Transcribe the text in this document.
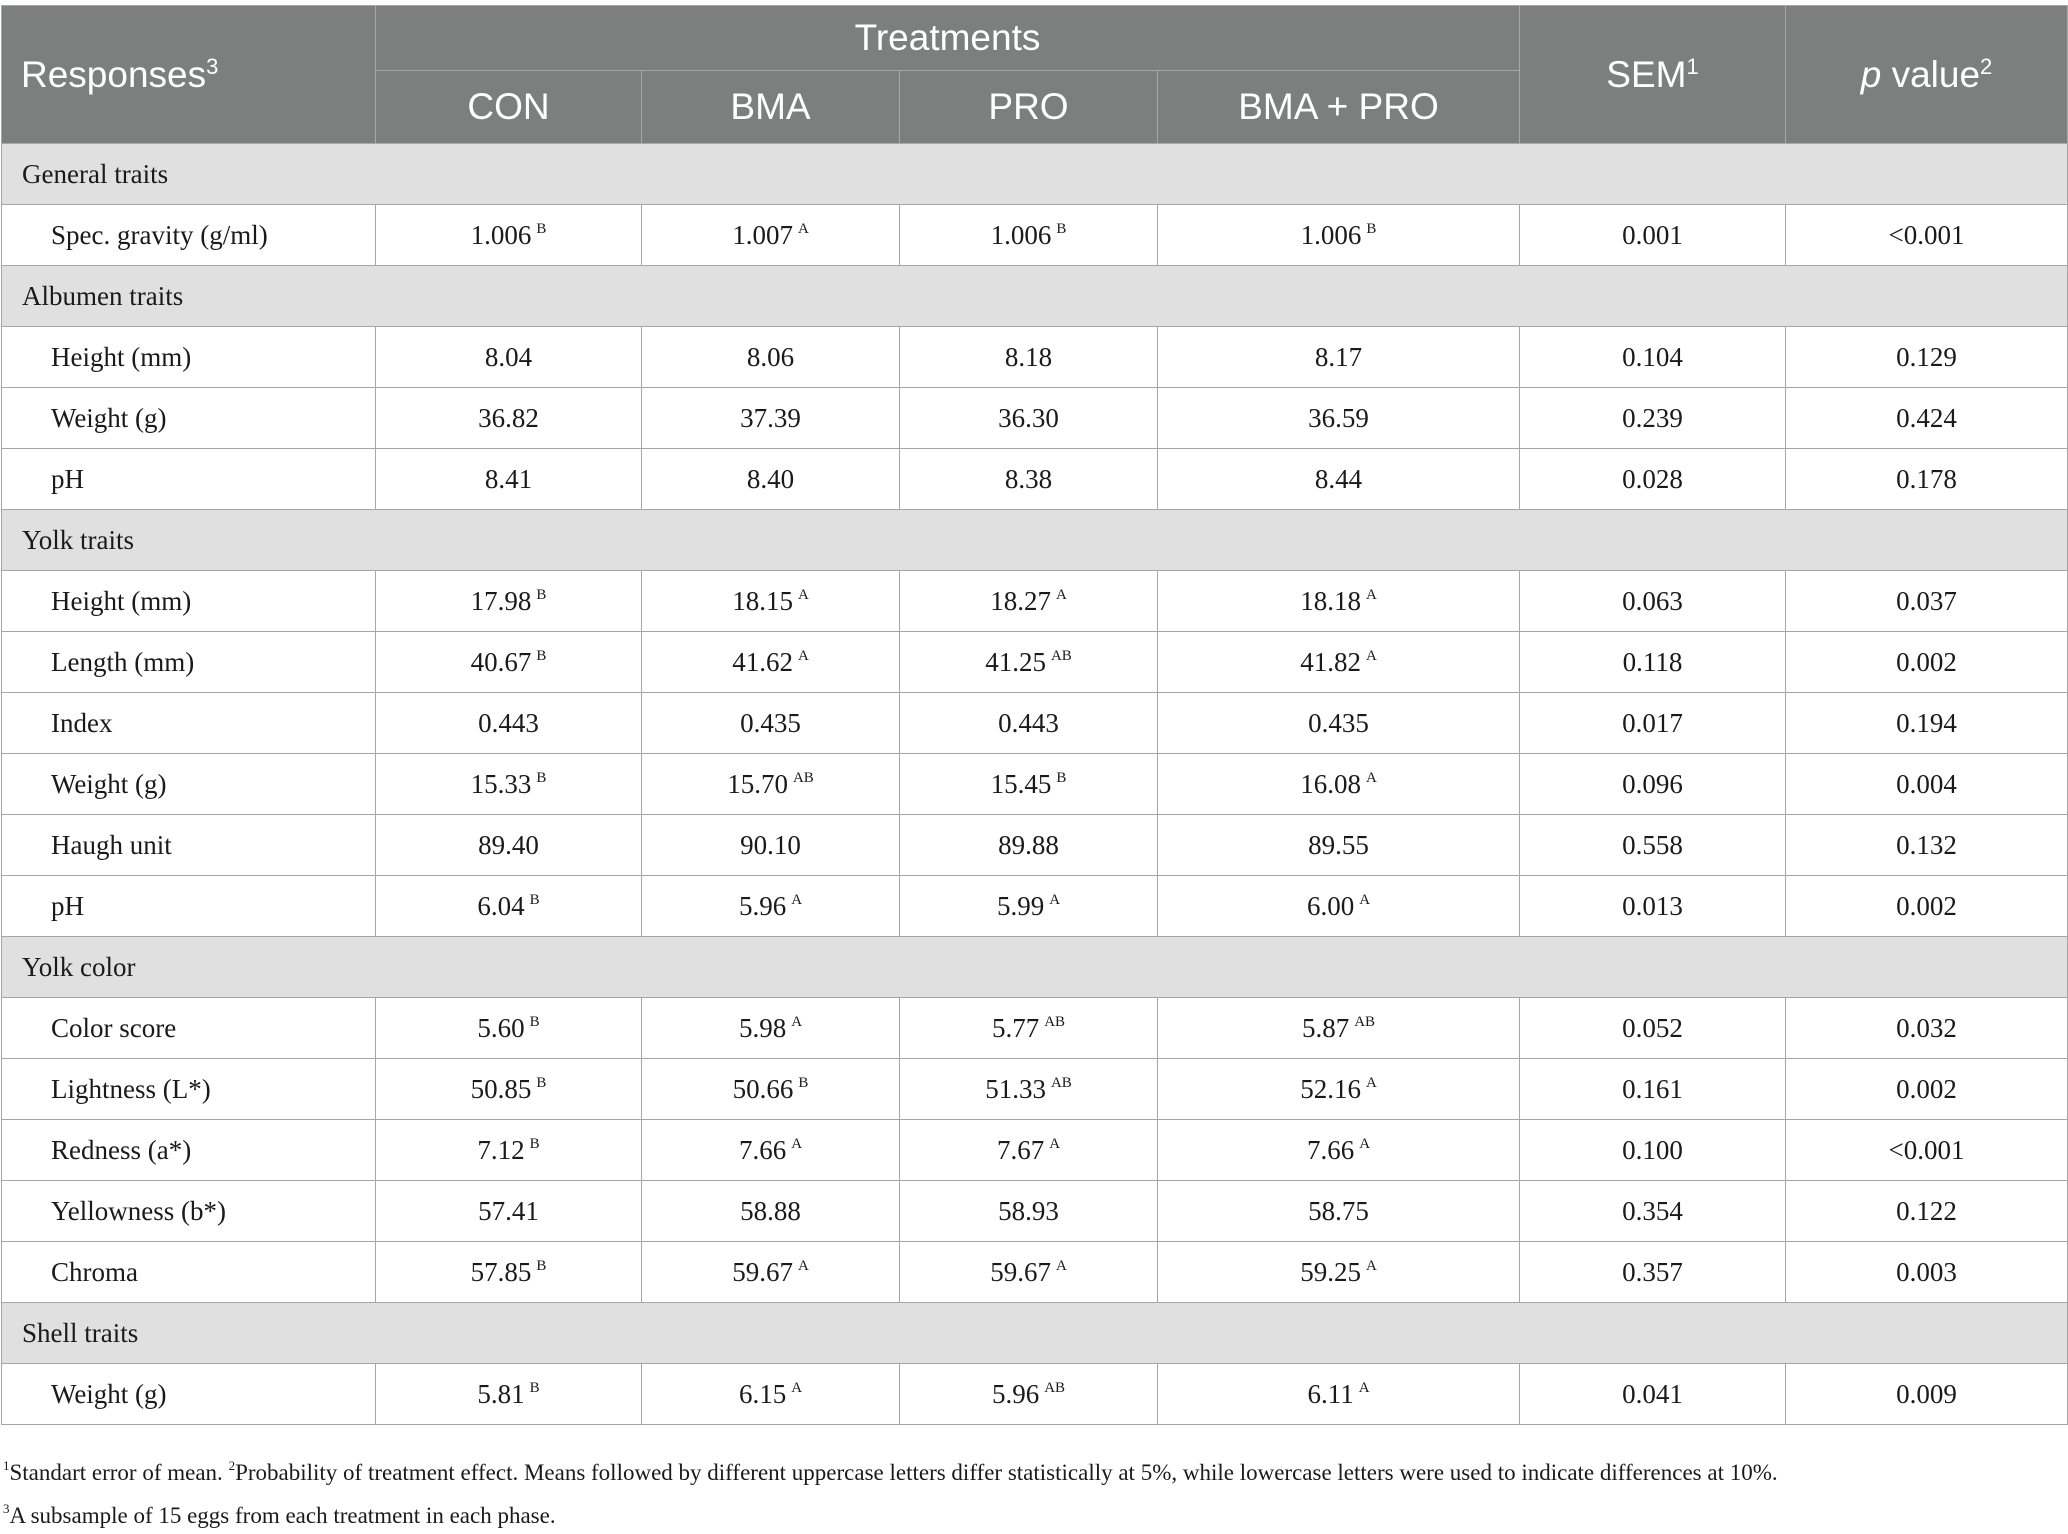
Responses$^3$	Treatments				SEM$^1$	p value$^2$
	CON	BMA	PRO	BMA + PRO		
General traits						
Spec. gravity (g/ml)	1.006 $^B$	1.007 $^A$	1.006 $^B$	1.006 $^B$	0.001	<0.001
Albumen traits						
Height (mm)	8.04	8.06	8.18	8.17	0.104	0.129
Weight (g)	36.82	37.39	36.30	36.59	0.239	0.424
pH	8.41	8.40	8.38	8.44	0.028	0.178
Yolk traits						
Height (mm)	17.98 $^B$	18.15 $^A$	18.27 $^A$	18.18 $^A$	0.063	0.037
Length (mm)	40.67 $^B$	41.62 $^A$	41.25 $^{AB}$	41.82 $^A$	0.118	0.002
Index	0.443	0.435	0.443	0.435	0.017	0.194
Weight (g)	15.33 $^B$	15.70 $^{AB}$	15.45 $^B$	16.08 $^A$	0.096	0.004
Haugh unit	89.40	90.10	89.88	89.55	0.558	0.132
pH	6.04 $^B$	5.96 $^A$	5.99 $^A$	6.00 $^A$	0.013	0.002
Yolk color						
Color score	5.60 $^B$	5.98 $^A$	5.77 $^{AB}$	5.87 $^{AB}$	0.052	0.032
Lightness (L*)	50.85 $^B$	50.66 $^B$	51.33 $^{AB}$	52.16 $^A$	0.161	0.002
Redness (a*)	7.12 $^B$	7.66 $^A$	7.67 $^A$	7.66 $^A$	0.100	<0.001
Yellowness (b*)	57.41	58.88	58.93	58.75	0.354	0.122
Chroma	57.85 $^B$	59.67 $^A$	59.67 $^A$	59.25 $^A$	0.357	0.003
Shell traits						
Weight (g)	5.81 $^B$	6.15 $^A$	5.96 $^{AB}$	6.11 $^A$	0.041	0.009
$^1$Standart error of mean. $^2$Probability of treatment effect. Means followed by different uppercase letters differ statistically at 5%, while lowercase letters were used to indicate differences at 10%.
$^3$A subsample of 15 eggs from each treatment in each phase.
